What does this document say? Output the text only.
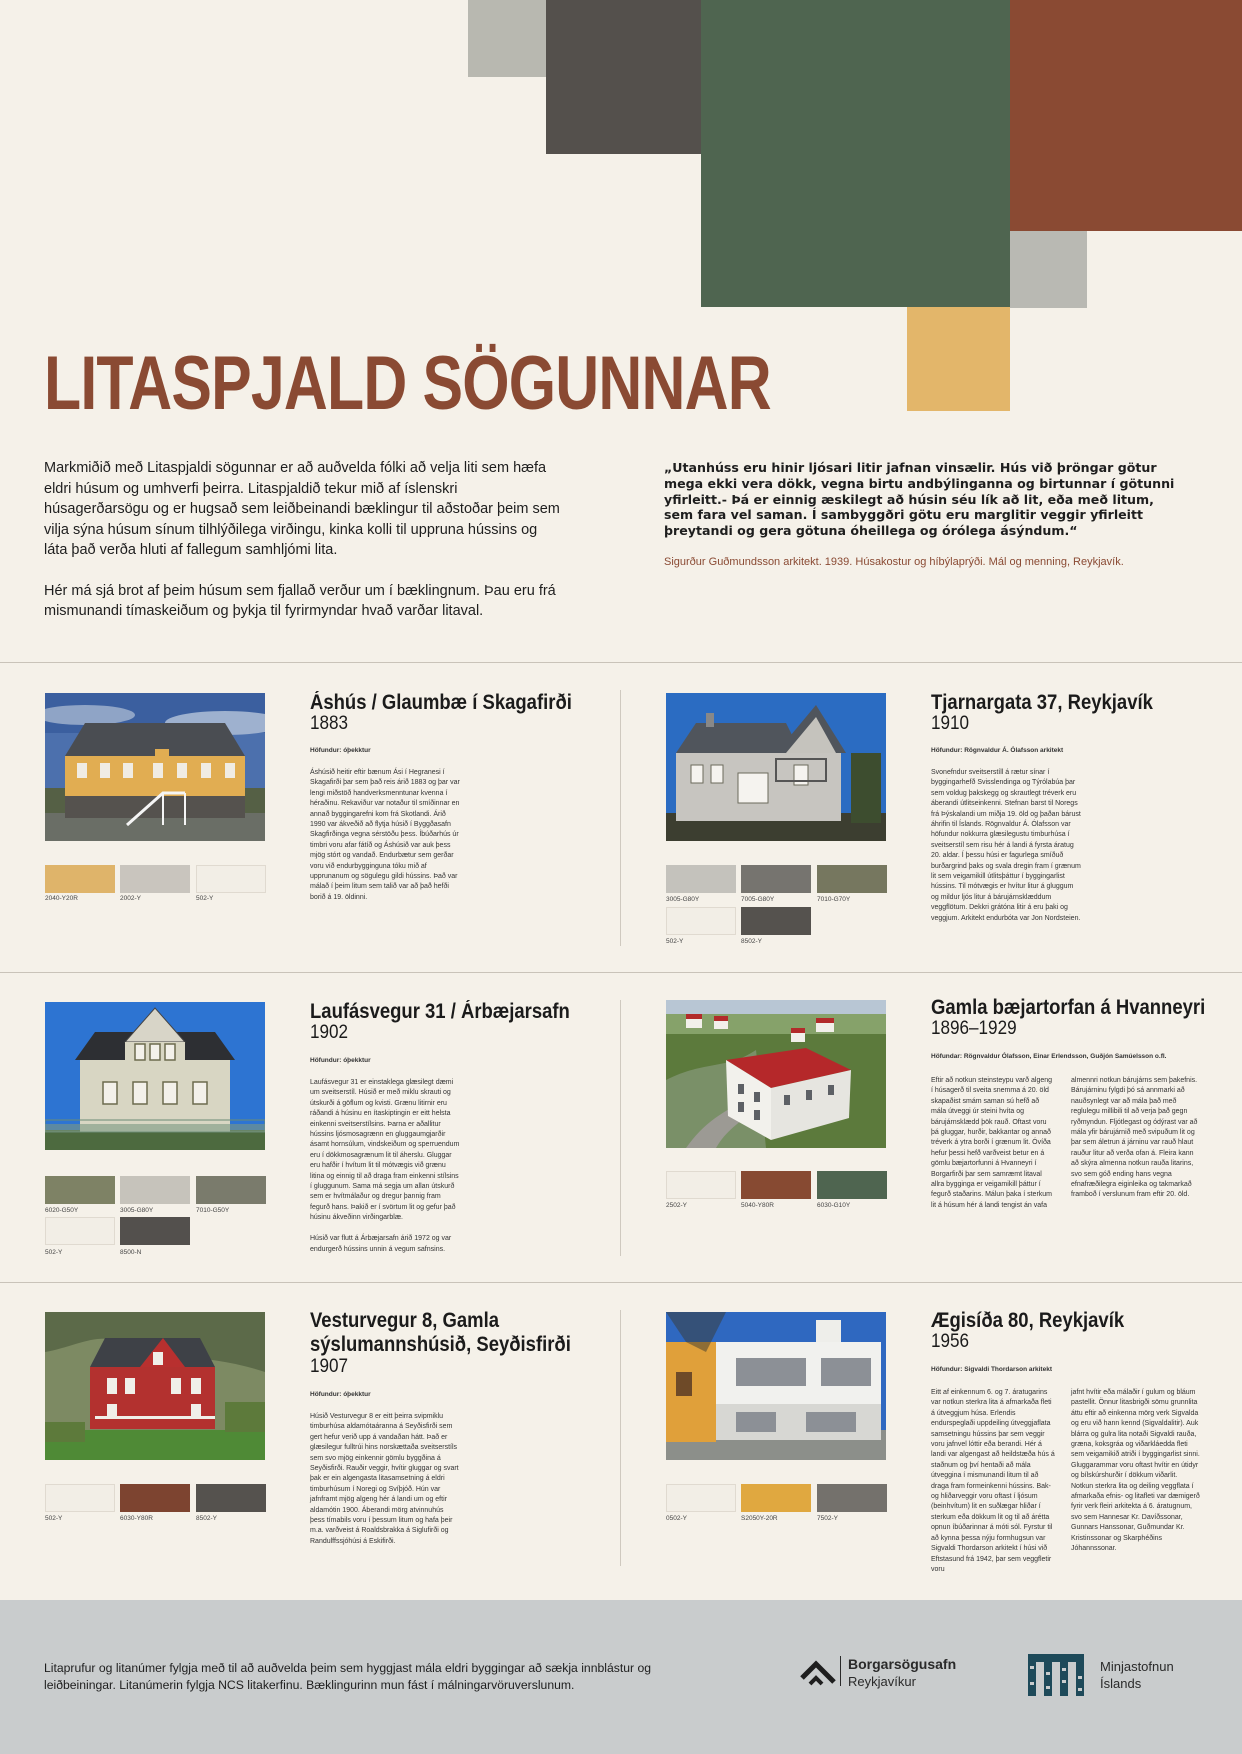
LITASPJALD SÖGUNNAR

Markmiðið með Litaspjaldi sögunnar er að auðvelda fólki að velja liti sem hæfa eldri húsum og umhverfi þeirra. Litaspjaldið tekur mið af íslenskri húsagerðarsögu og er hugsað sem leiðbeinandi bæklingur til aðstoðar þeim sem vilja sýna húsum sínum tilhlýðilega virðingu, kinka kolli til uppruna hússins og láta það verða hluti af fallegum samhljómi lita.

Hér má sjá brot af þeim húsum sem fjallað verður um í bæklingnum. Þau eru frá mismunandi tímaskeiðum og þykja til fyrirmyndar hvað varðar litaval.

„Utanhúss eru hinir ljósari litir jafnan vinsælir. Hús við þröngar götur mega ekki vera dökk, vegna birtu andbýlinganna og birtunnar í götunni yfirleitt.- Þá er einnig æskilegt að húsin séu lík að lit, eða með litum, sem fara vel saman. Í sambyggðri götu eru marglitir veggir yfirleitt þreytandi og gera götuna óheillega og órólega ásýndum.“
Sigurður Guðmundsson arkitekt. 1939. Húsakostur og híbýlaprýði. Mál og menning, Reykjavík.
2040-Y20R	2002-Y	502-Y
Áshús / Glaumbæ í Skagafirði
1883
Höfundur: óþekktur
Áshúsið heitir eftir bænum Ási í Hegranesi í Skagafirði þar sem það reis árið 1883 og þar var lengi miðstöð handverksmenntunar kvenna í héraðinu. Rekaviður var notaður til smíðinnar en annað byggingarefni kom frá Skotlandi. Árið 1990 var ákveðið að flytja húsið í Byggðasafn Skagfirðinga vegna sérstöðu þess. Íbúðarhús úr timbri voru afar fátíð og Áshúsið var auk þess mjög stórt og vandað. Endurbætur sem gerðar voru við endurbygginguna tóku mið af upprunanum og sögulegu gildi hússins. Það var málað í þeim litum sem talið var að það hefði borið á 19. öldinni.	3005-G80Y	7005-G80Y	7010-G70Y
502-Y	8502-Y
Tjarnargata 37, Reykjavík
1910
Höfundur: Rögnvaldur Á. Ólafsson arkitekt
Svonefndur sveitserstíll á rætur sínar í byggingarhefð Svisslendinga og Týrólabúa þar sem voldug þakskegg og skrautlegt tréverk eru áberandi útlitseinkenni. Stefnan barst til Noregs frá Þýskalandi um miðja 19. öld og þaðan bárust áhrifin til Íslands. Rögnvaldur Á. Ólafsson var höfundur nokkurra glæsilegustu timburhúsa í sveitserstíl sem risu hér á landi á fyrsta áratug 20. aldar. Í þessu húsi er fagurlega smíðuð burðargrind þaks og svala dregin fram í grænum lit sem veigamikill útlitsþáttur í byggingarlist hússins. Til mótvægis er hvítur litur á gluggum og mildur ljós litur á bárujárnsklæddum veggflötum. Dekkri grátóna litir á eru þaki og veggjum. Arkitekt endurbóta var Jon Nordsteien.
6020-G50Y	3005-G80Y	7010-G50Y
502-Y	8500-N
Laufásvegur 31 / Árbæjarsafn
1902
Höfundur: óþekktur
Laufásvegur 31 er einstaklega glæsilegt dæmi um sveitserstíl. Húsið er með miklu skrauti og útskurði á göflum og kvisti. Grænu litirnir eru ráðandi á húsinu en ítaskiptingin er eitt helsta einkenni sveitserstílsins. Þarna er aðallitur hússins ljósmosagrænn en gluggaumgjarðir ásamt hornsúlum, vindskeiðum og sperruendum eru í dökkmosagrænum lit til áherslu. Gluggar eru hafðir í hvítum lit til mótvægis við grænu litina og einnig til að draga fram einkenni stílsins í gluggunum. Sama má segja um allan útskurð sem er hvítmálaður og dregur þannig fram fegurð hans. Þakið er í svörtum lit og gefur það húsinu ákveðinn virðingarblæ.

Húsið var flutt á Árbæjarsafn árið 1972 og var endurgerð hússins unnin á vegum safnsins.
2502-Y	5040-Y80R	6030-G10Y
Gamla bæjartorfan á Hvanneyri
1896–1929
Höfundar: Rögnvaldur Ólafsson, Einar Erlendsson, Guðjón Samúelsson o.fl.
Eftir að notkun steinsteypu varð algeng í húsagerð til sveita snemma á 20. öld skapaðist smám saman sú hefð að mála útveggi úr steini hvíta og bárujárnsklædd þök rauð. Oftast voru þá gluggar, hurðir, bakkantar og annað tréverk á ytra borði í grænum lit. Óvíða hefur þessi hefð varðveist betur en á gömlu bæjartorfunni á Hvanneyri í Borgarfirði þar sem samræmt litaval allra bygginga er veigamikill þáttur í fegurð staðarins. Málun þaka í sterkum lit á húsum hér á landi tengist án vafa
almennri notkun bárujárns sem þakefnis. Bárujárninu fylgdi þó sá annmarki að nauðsynlegt var að mála það með reglulegu millibili til að verja það gegn ryðmyndun. Fljótlegast og ódýrast var að mála yfir bárujárnið með svipuðum lit og þar sem áletrun á járninu var rauð hlaut rauður litur að verða ofan á. Fleira kann að skýra almenna notkun rauða litarins, svo sem góð ending hans vegna efnafræðilegra eiginleika og takmarkað framboð í verslunum fram eftir 20. öld.
502-Y	6030-Y80R	8502-Y
Vesturvegur 8, Gamla
sýslumannshúsið, Seyðisfirði
1907
Höfundur: óþekktur
Húsið Vesturvegur 8 er eitt þeirra svipmiklu timburhúsa aldamótaáranna á Seyðisfirði sem gert hefur verið upp á vandaðan hátt. Það er glæsilegur fulltrúi hins norskættaða sveitserstíls sem svo mjög einkennir gömlu byggðina á Seyðisfirði. Rauðir veggir, hvítir gluggar og svart þak er ein algengasta litasamsetning á eldri timburhúsum í Noregi og Svíþjóð. Hún var jafnframt mjög algeng hér á landi um og eftir aldamótin 1900. Áberandi mörg atvinnuhús þess tímabils voru í þessum litum og hafa þeir m.a. varðveist á Roaldsbrakka á Siglufirði og Randulffssjóhúsi á Eskifirði.
0502-Y	S2050Y-20R	7502-Y
Ægisíða 80, Reykjavík
1956
Höfundur: Sigvaldi Thordarson arkitekt
Eitt af einkennum 6. og 7. áratugarins var notkun sterkra lita á afmarkaða fleti á útveggjum húsa. Erlendis endurspeglaði uppdeiling útveggjaflata samsetningu hússins þar sem veggir voru jafnvel lóttir eða berandi. Hér á landi var algengast að heildstæða hús á staðnum og því hentaði að mála útveggina í mismunandi litum til að draga fram formeinkenni hússins. Bak- og hliðarveggir voru oftast í ljósum (beinhvítum) lit en suðlægar hliðar í sterkum eða dökkum lit og til að árétta opnun íbúðarinnar á móti sól. Fyrstur til að kynna þessa nýju formhugsun var Sigvaldi Thordarson arkitekt í húsi við Eftstasund frá 1942, þar sem veggfletir voru
jafnt hvítir eða málaðir í gulum og bláum pastellit. Önnur litasbrigði sömu grunnlita áttu eftir að einkenna mörg verk Sigvalda og eru við hann kennd (Sigvaldalitir). Auk blárra og gulra lita notaði Sigvaldi rauða, græna, koksgráa og viðarkláedda fleti sem veigamikið atriði í byggingarlist sinni. Gluggarammar voru oftast hvítir en útidyr og bílskúrshurðir í dökkum viðarlit. Notkun sterkra lita og deiling veggflata í afmarkaða efnis- og litafleti var dæmigerð fyrir verk fleiri arkitekta á 6. áratugnum, svo sem Hannesar Kr. Davíðssonar, Gunnars Hanssonar, Guðmundar Kr. Kristinssonar og Skarphéðins Jóhannssonar.
Litaprufur og litanúmer fylgja með til að auðvelda þeim sem hyggjast mála eldri byggingar að sækja innblástur og leiðbeiningar. Litanúmerin fylgja NCS litakerfinu. Bæklingurinn mun fást í málningarvöruverslunum.
Borgarsögusafn
Reykjavíkur
Minjastofnun
Íslands
